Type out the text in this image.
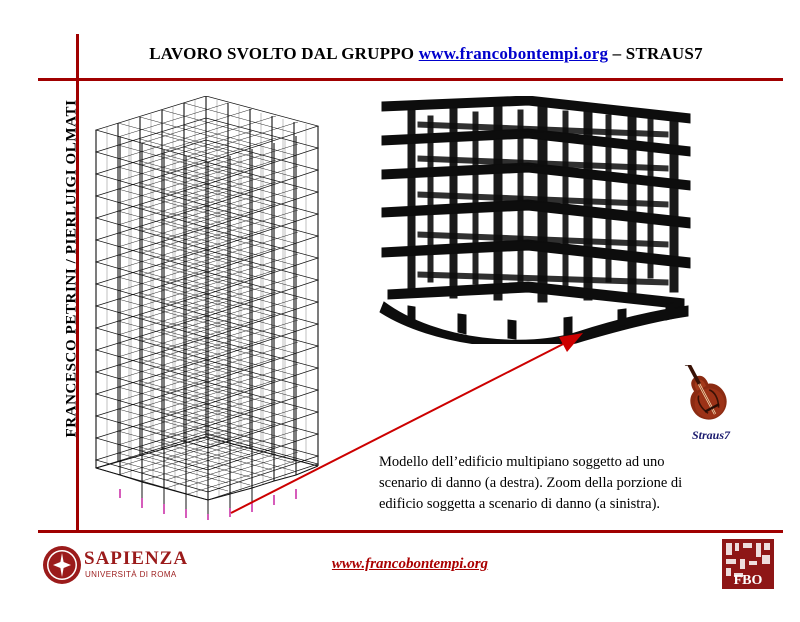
LAVORO SVOLTO DAL GRUPPO www.francobontempi.org – STRAUS7
FRANCESCO PETRINI / PIERLUIGI OLMATI
Modello dell’edificio multipiano soggetto ad uno
scenario di danno (a destra). Zoom della porzione di
edificio soggetta a scenario di danno (a sinistra).
Straus7
SAPIENZA
UNIVERSITÀ DI ROMA
www.francobontempi.org
FBO
